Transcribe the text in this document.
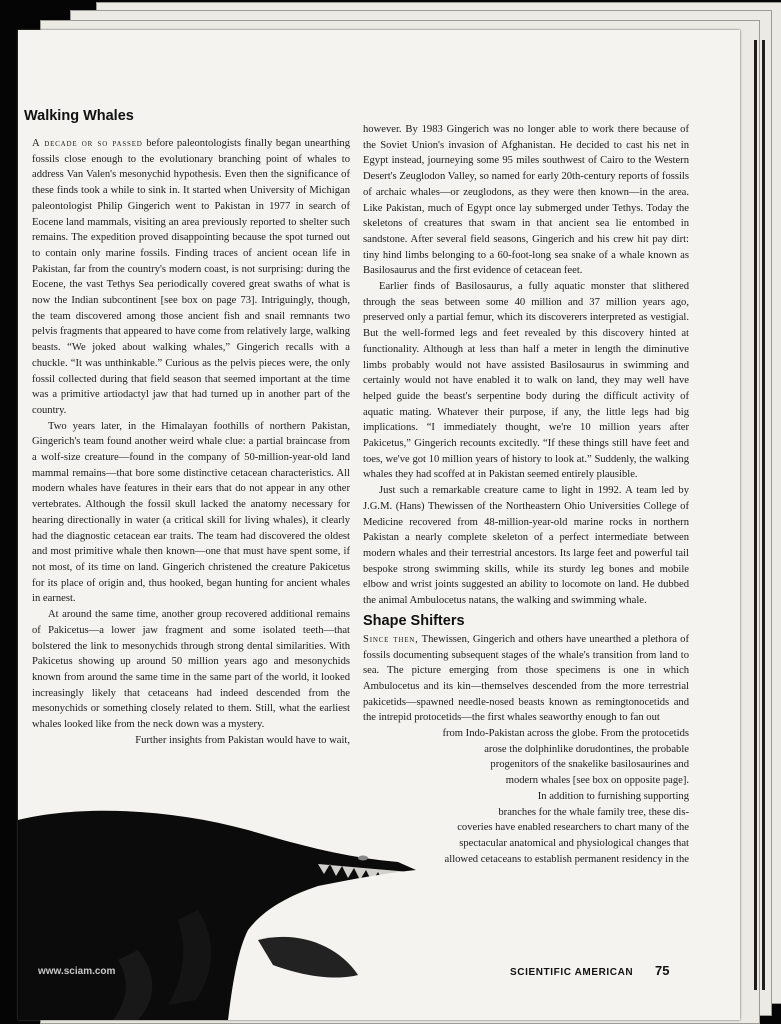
Walking Whales

A decade or so passed before paleontologists finally began unearthing fossils close enough to the evolutionary branching point of whales to address Van Valen's mesonychid hypothesis. Even then the significance of these finds took a while to sink in. It started when University of Michigan paleontologist Philip Gingerich went to Pakistan in 1977 in search of Eocene land mammals, visiting an area previously reported to shelter such remains. The expedition proved disappointing because the spot turned out to contain only marine fossils. Finding traces of ancient ocean life in Pakistan, far from the country's modern coast, is not surprising: during the Eocene, the vast Tethys Sea periodically covered great swaths of what is now the Indian subcontinent [see box on page 73]. Intriguingly, though, the team discovered among those ancient fish and snail remnants two pelvis fragments that appeared to have come from relatively large, walking beasts. “We joked about walking whales,” Gingerich recalls with a chuckle. “It was unthinkable.” Curious as the pelvis pieces were, the only fossil collected during that field season that seemed important at the time was a primitive artiodactyl jaw that had turned up in another part of the country.

Two years later, in the Himalayan foothills of northern Pakistan, Gingerich's team found another weird whale clue: a partial braincase from a wolf-size creature—found in the company of 50-million-year-old land mammal remains—that bore some distinctive cetacean characteristics. All modern whales have features in their ears that do not appear in any other vertebrates. Although the fossil skull lacked the anatomy necessary for hearing directionally in water (a critical skill for living whales), it clearly had the diagnostic cetacean ear traits. The team had discovered the oldest and most primitive whale then known—one that must have spent some, if not most, of its time on land. Gingerich christened the creature Pakicetus for its place of origin and, thus hooked, began hunting for ancient whales in earnest.

At around the same time, another group recovered additional remains of Pakicetus—a lower jaw fragment and some isolated teeth—that bolstered the link to mesonychids through strong dental similarities. With Pakicetus showing up around 50 million years ago and mesonychids known from around the same time in the same part of the world, it looked increasingly likely that cetaceans had indeed descended from the mesonychids or something closely related to them. Still, what the earliest whales looked like from the neck down was a mystery.

Further insights from Pakistan would have to wait,

however. By 1983 Gingerich was no longer able to work there because of the Soviet Union's invasion of Afghanistan. He decided to cast his net in Egypt instead, journeying some 95 miles southwest of Cairo to the Western Desert's Zeuglodon Valley, so named for early 20th-century reports of fossils of archaic whales—or zeuglodons, as they were then known—in the area. Like Pakistan, much of Egypt once lay submerged under Tethys. Today the skeletons of creatures that swam in that ancient sea lie entombed in sandstone. After several field seasons, Gingerich and his crew hit pay dirt: tiny hind limbs belonging to a 60-foot-long sea snake of a whale known as Basilosaurus and the first evidence of cetacean feet.

Earlier finds of Basilosaurus, a fully aquatic monster that slithered through the seas between some 40 million and 37 million years ago, preserved only a partial femur, which its discoverers interpreted as vestigial. But the well-formed legs and feet revealed by this discovery hinted at functionality. Although at less than half a meter in length the diminutive limbs probably would not have assisted Basilosaurus in swimming and certainly would not have enabled it to walk on land, they may well have helped guide the beast's serpentine body during the difficult activity of aquatic mating. Whatever their purpose, if any, the little legs had big implications. “I immediately thought, we're 10 million years after Pakicetus,” Gingerich recounts excitedly. “If these things still have feet and toes, we've got 10 million years of history to look at.” Suddenly, the walking whales they had scoffed at in Pakistan seemed entirely plausible.

Just such a remarkable creature came to light in 1992. A team led by J.G.M. (Hans) Thewissen of the Northeastern Ohio Universities College of Medicine recovered from 48-million-year-old marine rocks in northern Pakistan a nearly complete skeleton of a perfect intermediate between modern whales and their terrestrial ancestors. Its large feet and powerful tail bespoke strong swimming skills, while its sturdy leg bones and mobile elbow and wrist joints suggested an ability to locomote on land. He dubbed the animal Ambulocetus natans, the walking and swimming whale.

Shape Shifters

Since then, Thewissen, Gingerich and others have unearthed a plethora of fossils documenting subsequent stages of the whale's transition from land to sea. The picture emerging from those specimens is one in which Ambulocetus and its kin—themselves descended from the more terrestrial pakicetids—spawned needle-nosed beasts known as remingtonocetids and the intrepid protocetids—the first whales seaworthy enough to fan out

from Indo-Pakistan across the globe. From the protocetids
arose the dolphinlike dorudontines, the probable
progenitors of the snakelike basilosaurines and
modern whales [see box on opposite page].
In addition to furnishing supporting
branches for the whale family tree, these dis-
coveries have enabled researchers to chart many of the
spectacular anatomical and physiological changes that
allowed cetaceans to establish permanent residency in the
www.sciam.com	SCIENTIFIC AMERICAN 75
